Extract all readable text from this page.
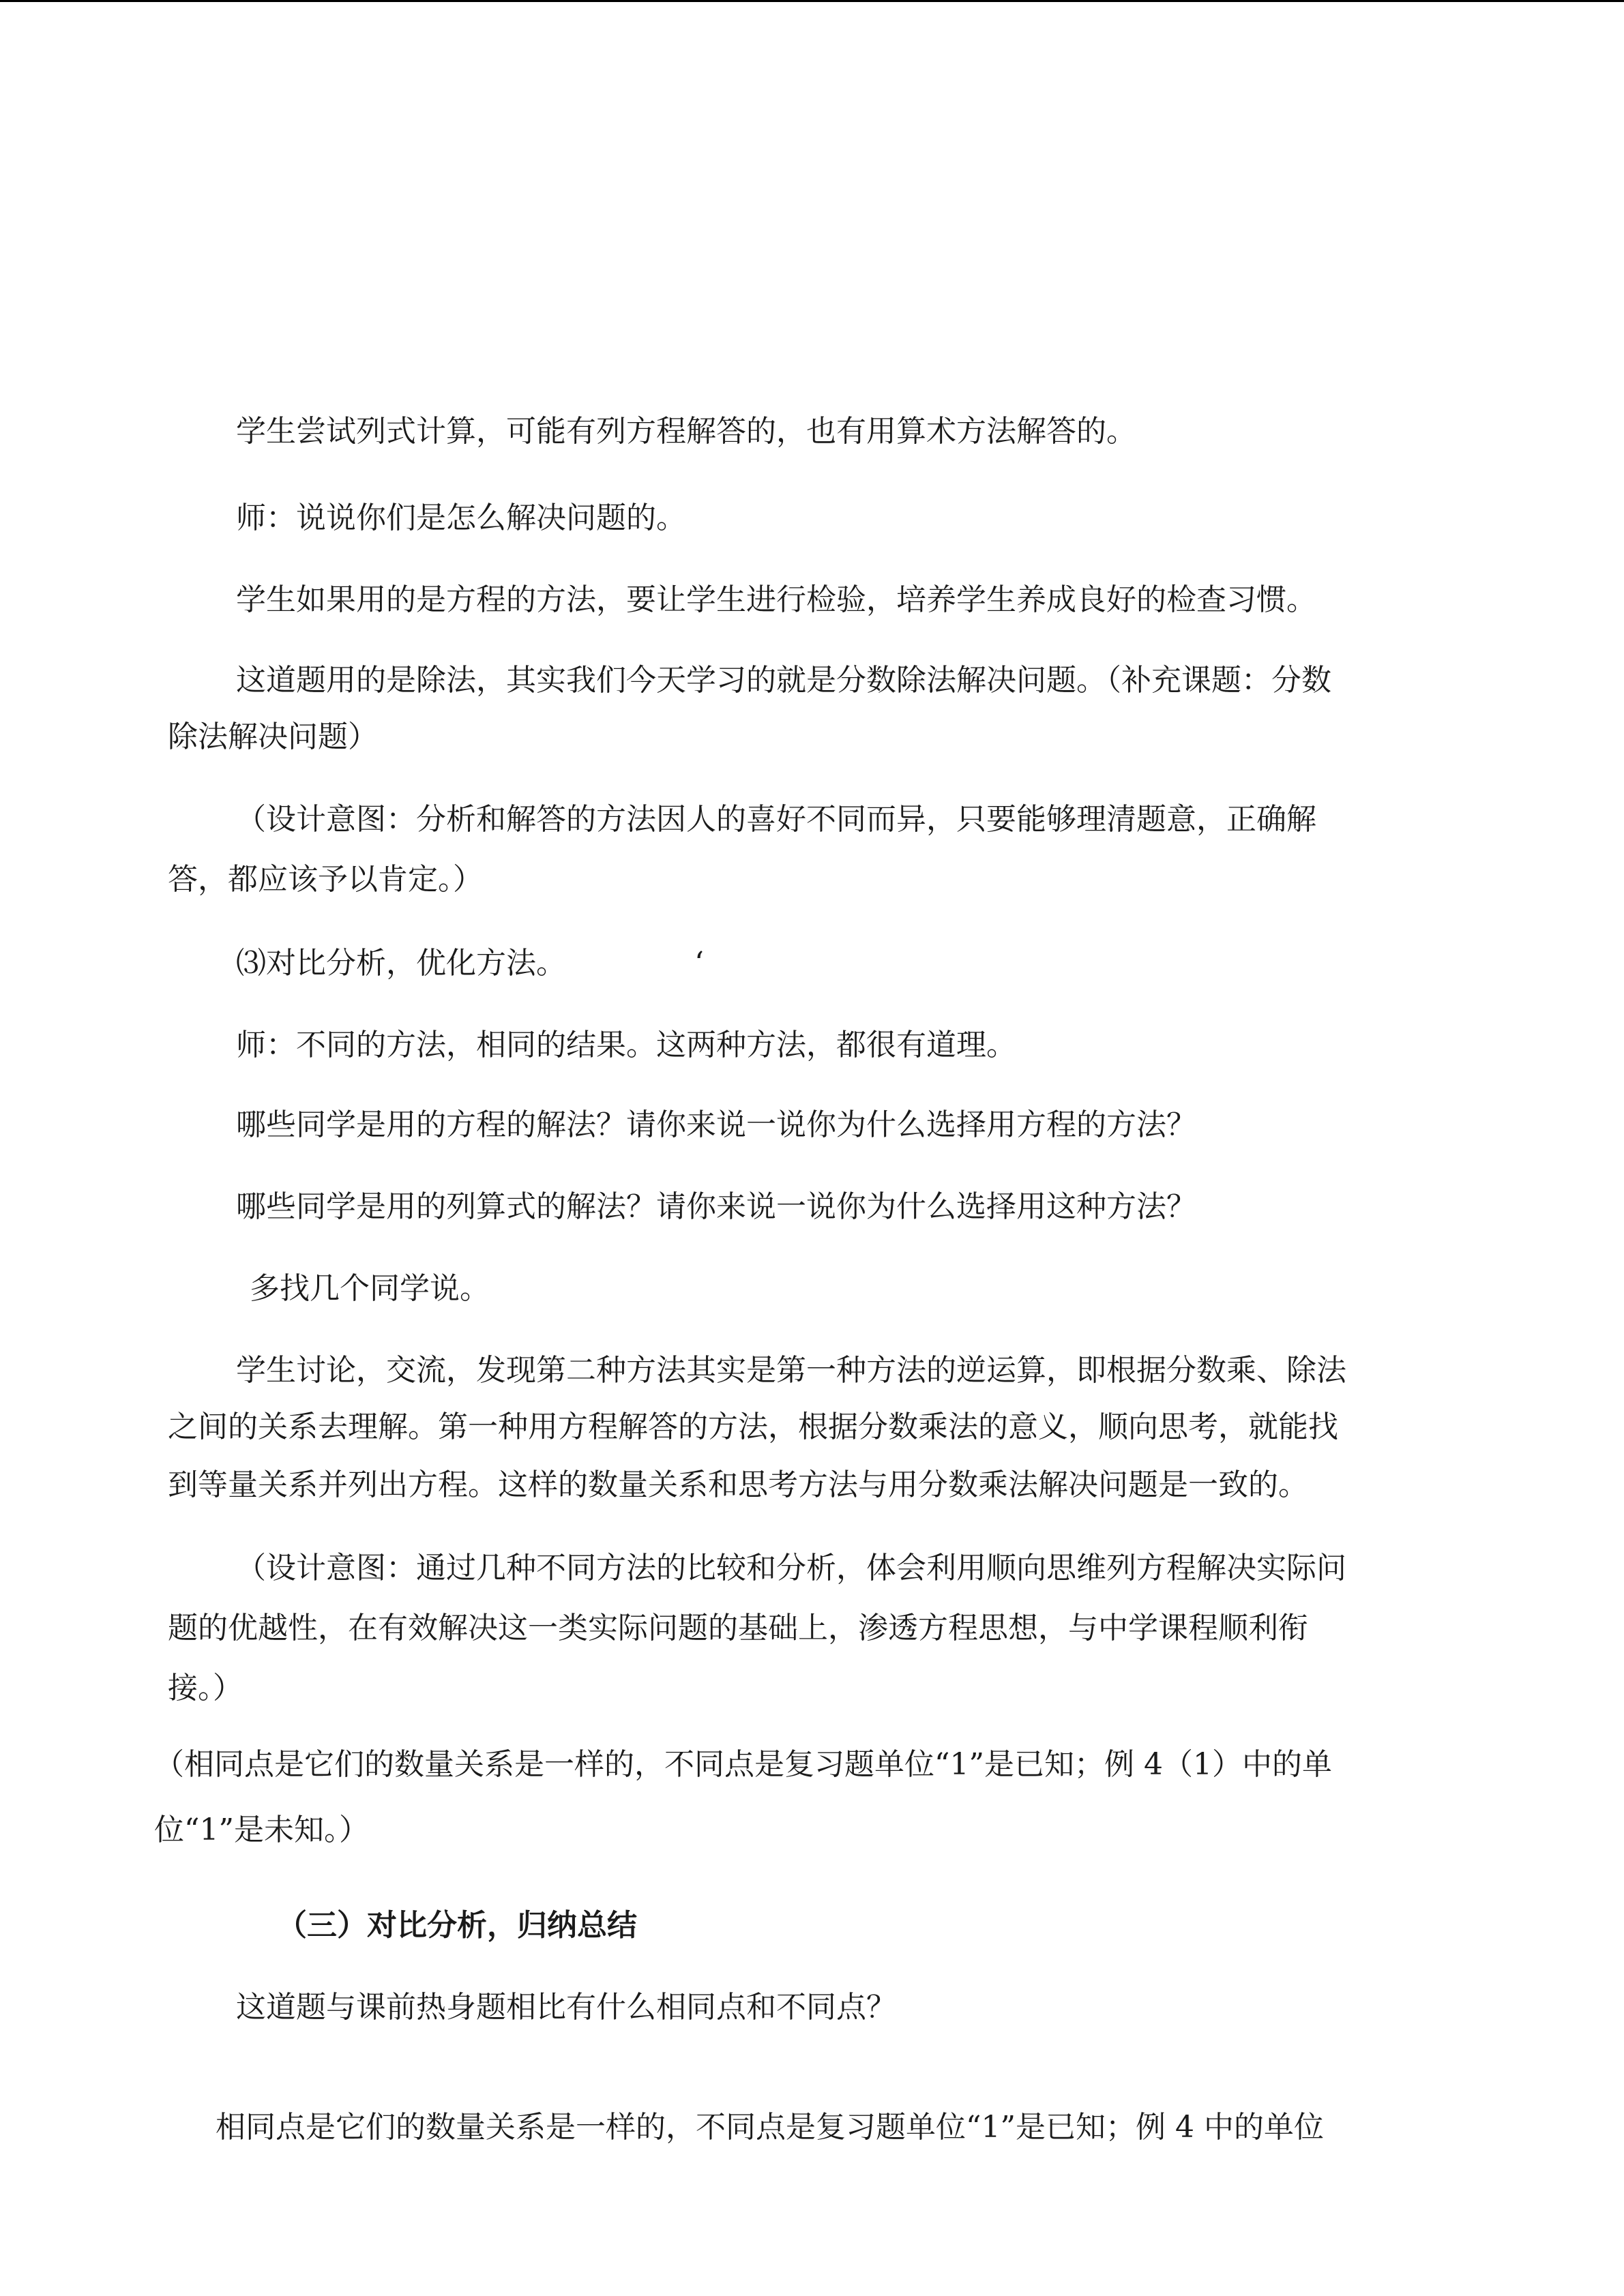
学生尝试列式计算，可能有列方程解答的，也有用算术方法解答的。
师：说说你们是怎么解决问题的。
学生如果用的是方程的方法，要让学生进行检验，培养学生养成良好的检查习惯。
这道题用的是除法，其实我们今天学习的就是分数除法解决问题。（补充课题：分数
除法解决问题）
（设计意图：分析和解答的方法因人的喜好不同而异，只要能够理清题意，正确解
答，都应该予以肯定。）
⑶对比分析，优化方法。	‘
师：不同的方法，相同的结果。这两种方法，都很有道理。
哪些同学是用的方程的解法？请你来说一说你为什么选择用方程的方法？
哪些同学是用的列算式的解法？请你来说一说你为什么选择用这种方法？
多找几个同学说。
学生讨论，交流，发现第二种方法其实是第一种方法的逆运算，即根据分数乘、除法
之间的关系去理解。第一种用方程解答的方法，根据分数乘法的意义，顺向思考，就能找
到等量关系并列出方程。这样的数量关系和思考方法与用分数乘法解决问题是一致的。
（设计意图：通过几种不同方法的比较和分析，体会利用顺向思维列方程解决实际问
题的优越性，在有效解决这一类实际问题的基础上，渗透方程思想，与中学课程顺利衔
接。）
（相同点是它们的数量关系是一样的，不同点是复习题单位“1”是已知；例 4（1）中的单
位“1”是未知。）
（三）对比分析，归纳总结
这道题与课前热身题相比有什么相同点和不同点？
相同点是它们的数量关系是一样的，不同点是复习题单位“1”是已知；例 4 中的单位
